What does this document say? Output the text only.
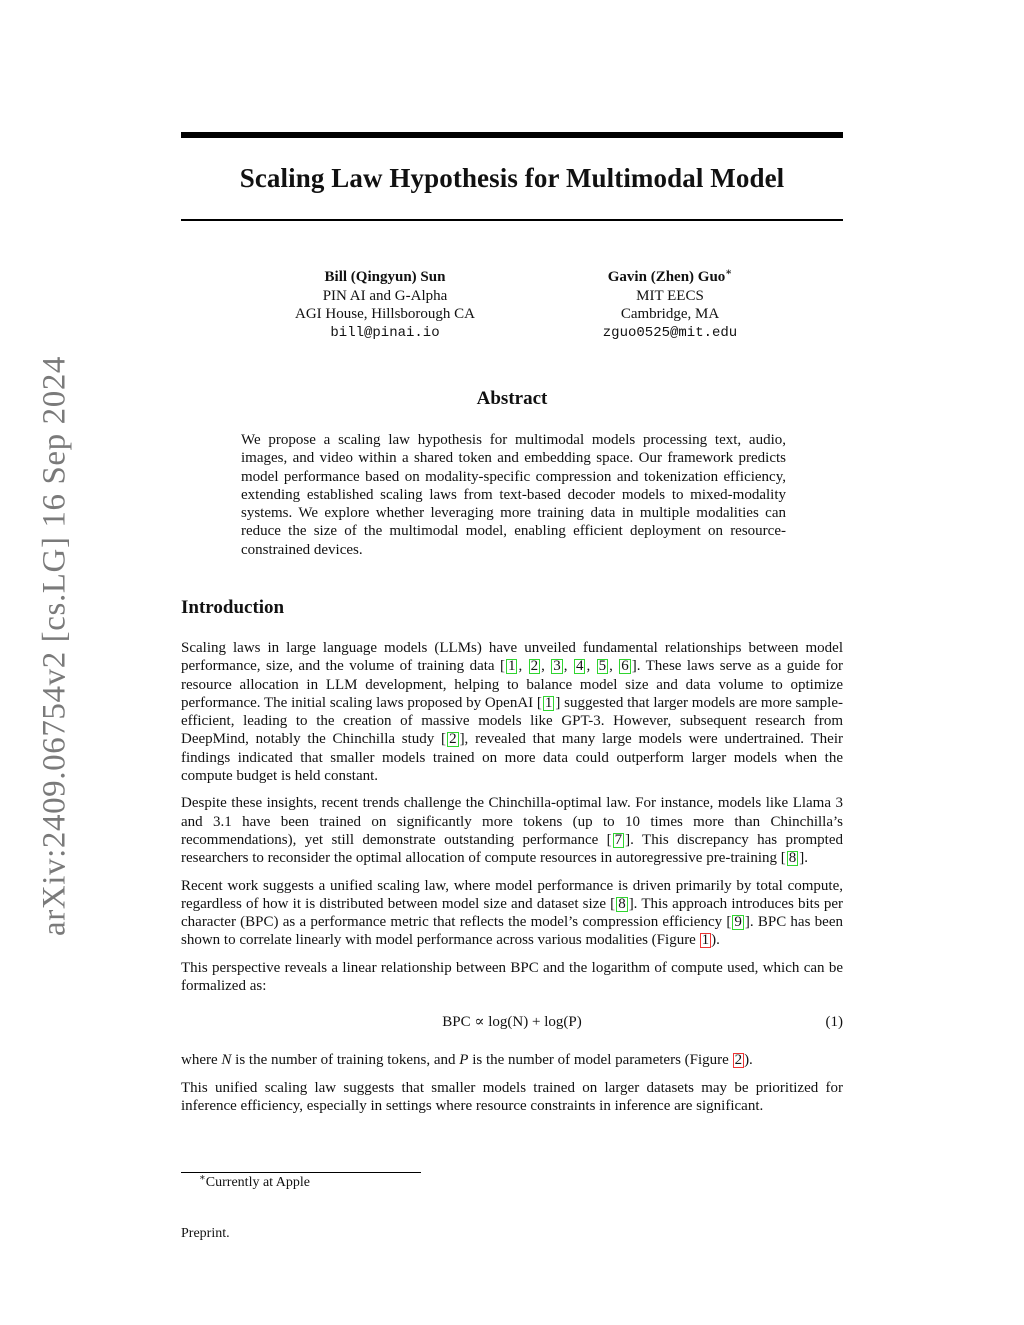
Scaling Law Hypothesis for Multimodal Model
Bill (Qingyun) Sun
PIN AI and G-Alpha
AGI House, Hillsborough CA
bill@pinai.io
Gavin (Zhen) Guo∗
MIT EECS
Cambridge, MA
zguo0525@mit.edu
arXiv:2409.06754v2 [cs.LG] 16 Sep 2024	Abstract
We propose a scaling law hypothesis for multimodal models processing text, audio, images, and video within a shared token and embedding space. Our framework predicts model performance based on modality-specific compression and tokenization efficiency, extending established scaling laws from text-based decoder models to mixed-modality systems. We explore whether leveraging more training data in multiple modalities can reduce the size of the multimodal model, enabling efficient deployment on resource-constrained devices.
Introduction

Scaling laws in large language models (LLMs) have unveiled fundamental relationships between model performance, size, and the volume of training data [ 1 , 2 , 3 , 4 , 5 , 6 ]. These laws serve as a guide for resource allocation in LLM development, helping to balance model size and data volume to optimize performance. The initial scaling laws proposed by OpenAI [ 1 ] suggested that larger models are more sample-efficient, leading to the creation of massive models like GPT-3. However, subsequent research from DeepMind, notably the Chinchilla study [ 2 ], revealed that many large models were undertrained. Their findings indicated that smaller models trained on more data could outperform larger models when the compute budget is held constant.

Despite these insights, recent trends challenge the Chinchilla-optimal law. For instance, models like Llama 3 and 3.1 have been trained on significantly more tokens (up to 10 times more than Chinchilla’s recommendations), yet still demonstrate outstanding performance [ 7 ]. This discrepancy has prompted researchers to reconsider the optimal allocation of compute resources in autoregressive pre-training [ 8 ].

Recent work suggests a unified scaling law, where model performance is driven primarily by total compute, regardless of how it is distributed between model size and dataset size [ 8 ]. This approach introduces bits per character (BPC) as a performance metric that reflects the model’s compression efficiency [ 9 ]. BPC has been shown to correlate linearly with model performance across various modalities (Figure 1 ).

This perspective reveals a linear relationship between BPC and the logarithm of compute used, which can be formalized as:

BPC ∝ log(N) + log(P)	(1)

where N is the number of training tokens, and P is the number of model parameters (Figure 2 ).

This unified scaling law suggests that smaller models trained on larger datasets may be prioritized for inference efficiency, especially in settings where resource constraints in inference are significant.

∗Currently at Apple
Preprint.
